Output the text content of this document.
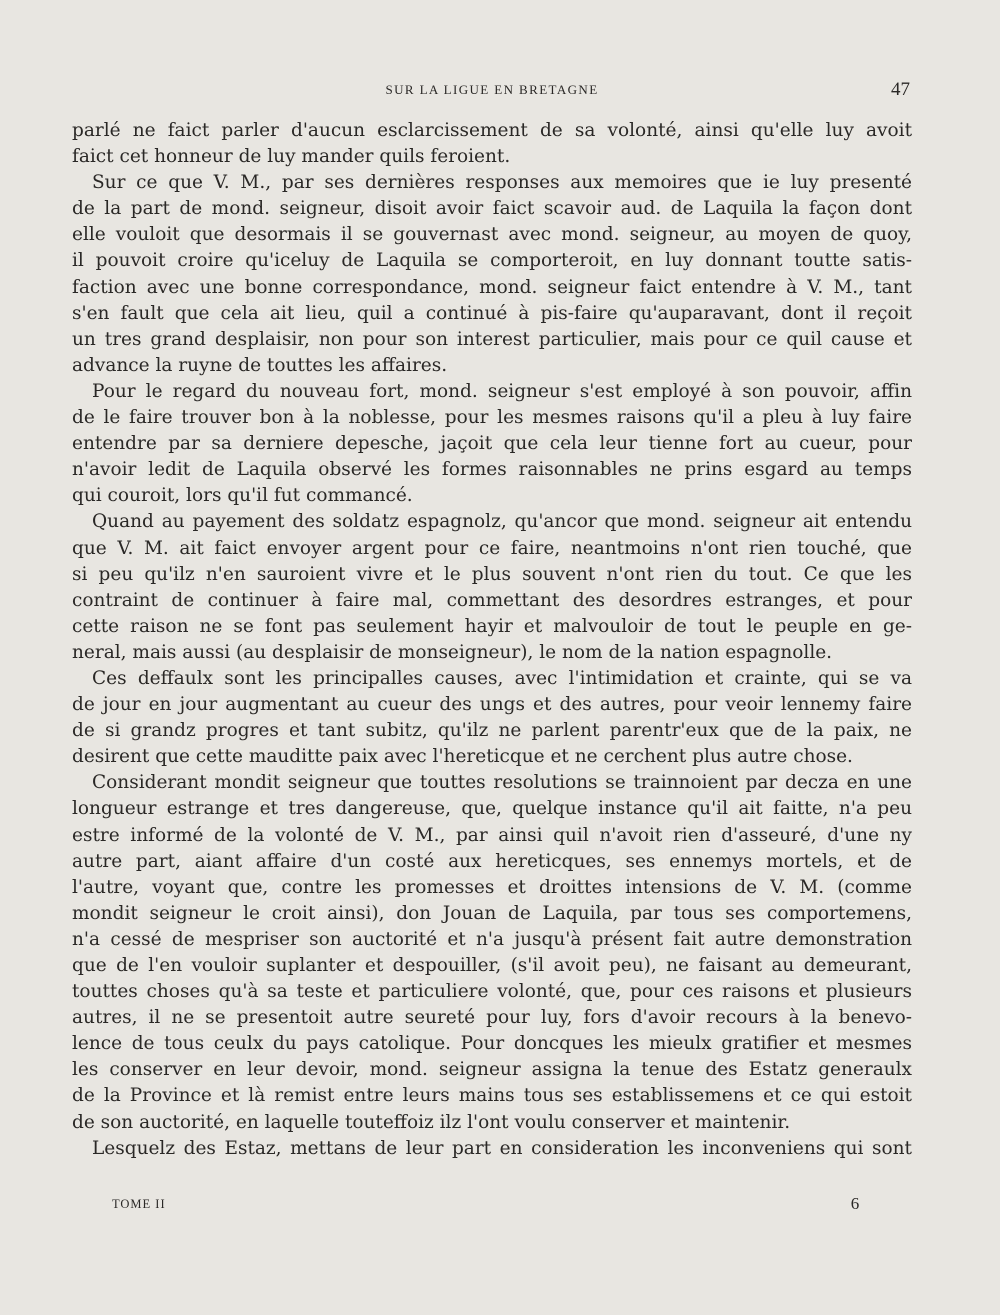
SUR LA LIGUE EN BRETAGNE	47
parlé ne faict parler d'aucun esclarcissement de sa volonté, ainsi qu'elle luy avoit
faict cet honneur de luy mander quils feroient.
Sur ce que V. M., par ses dernières responses aux memoires que ie luy presenté
de la part de mond. seigneur, disoit avoir faict scavoir aud. de Laquila la façon dont
elle vouloit que desormais il se gouvernast avec mond. seigneur, au moyen de quoy,
il pouvoit croire qu'iceluy de Laquila se comporteroit, en luy donnant toutte satis-
faction avec une bonne correspondance, mond. seigneur faict entendre à V. M., tant
s'en fault que cela ait lieu, quil a continué à pis-faire qu'auparavant, dont il reçoit
un tres grand desplaisir, non pour son interest particulier, mais pour ce quil cause et
advance la ruyne de touttes les affaires.
Pour le regard du nouveau fort, mond. seigneur s'est employé à son pouvoir, affin
de le faire trouver bon à la noblesse, pour les mesmes raisons qu'il a pleu à luy faire
entendre par sa derniere depesche, jaçoit que cela leur tienne fort au cueur, pour
n'avoir ledit de Laquila observé les formes raisonnables ne prins esgard au temps
qui couroit, lors qu'il fut commancé.
Quand au payement des soldatz espagnolz, qu'ancor que mond. seigneur ait entendu
que V. M. ait faict envoyer argent pour ce faire, neantmoins n'ont rien touché, que
si peu qu'ilz n'en sauroient vivre et le plus souvent n'ont rien du tout. Ce que les
contraint de continuer à faire mal, commettant des desordres estranges, et pour
cette raison ne se font pas seulement hayir et malvouloir de tout le peuple en ge-
neral, mais aussi (au desplaisir de monseigneur), le nom de la nation espagnolle.
Ces deffaulx sont les principalles causes, avec l'intimidation et crainte, qui se va
de jour en jour augmentant au cueur des ungs et des autres, pour veoir lennemy faire
de si grandz progres et tant subitz, qu'ilz ne parlent parentr'eux que de la paix, ne
desirent que cette mauditte paix avec l'hereticque et ne cerchent plus autre chose.
Considerant mondit seigneur que touttes resolutions se trainnoient par decza en une
longueur estrange et tres dangereuse, que, quelque instance qu'il ait faitte, n'a peu
estre informé de la volonté de V. M., par ainsi quil n'avoit rien d'asseuré, d'une ny
autre part, aiant affaire d'un costé aux hereticques, ses ennemys mortels, et de
l'autre, voyant que, contre les promesses et droittes intensions de V. M. (comme
mondit seigneur le croit ainsi), don Jouan de Laquila, par tous ses comportemens,
n'a cessé de mespriser son auctorité et n'a jusqu'à présent fait autre demonstration
que de l'en vouloir suplanter et despouiller, (s'il avoit peu), ne faisant au demeurant,
touttes choses qu'à sa teste et particuliere volonté, que, pour ces raisons et plusieurs
autres, il ne se presentoit autre seureté pour luy, fors d'avoir recours à la benevo-
lence de tous ceulx du pays catolique. Pour doncques les mieulx gratifier et mesmes
les conserver en leur devoir, mond. seigneur assigna la tenue des Estatz generaulx
de la Province et là remist entre leurs mains tous ses establissemens et ce qui estoit
de son auctorité, en laquelle touteffoiz ilz l'ont voulu conserver et maintenir.
Lesquelz des Estaz, mettans de leur part en consideration les inconveniens qui sont
TOME II	6
